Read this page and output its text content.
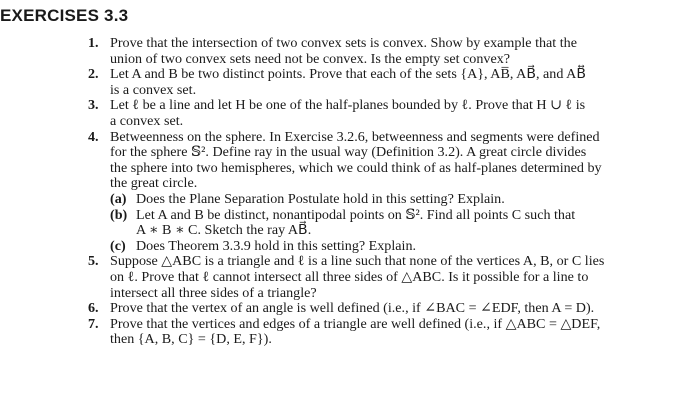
EXERCISES 3.3
1. Prove that the intersection of two convex sets is convex. Show by example that the
union of two convex sets need not be convex. Is the empty set convex?
2. Let A and B be two distinct points. Prove that each of the sets {A}, AB̅, AB⃗, and AB⃡
is a convex set.
3. Let ℓ be a line and let H be one of the half-planes bounded by ℓ. Prove that H ∪ ℓ is
a convex set.
4. Betweenness on the sphere. In Exercise 3.2.6, betweenness and segments were defined
for the sphere 𝕊². Define ray in the usual way (Definition 3.2). A great circle divides
the sphere into two hemispheres, which we could think of as half-planes determined by
the great circle.
(a) Does the Plane Separation Postulate hold in this setting? Explain.
(b) Let A and B be distinct, nonantipodal points on 𝕊². Find all points C such that
A ∗ B ∗ C. Sketch the ray AB⃗.
(c) Does Theorem 3.3.9 hold in this setting? Explain.
5. Suppose △ABC is a triangle and ℓ is a line such that none of the vertices A, B, or C lies
on ℓ. Prove that ℓ cannot intersect all three sides of △ABC. Is it possible for a line to
intersect all three sides of a triangle?
6. Prove that the vertex of an angle is well defined (i.e., if ∠BAC = ∠EDF, then A = D).
7. Prove that the vertices and edges of a triangle are well defined (i.e., if △ABC = △DEF,
then {A, B, C} = {D, E, F}).
